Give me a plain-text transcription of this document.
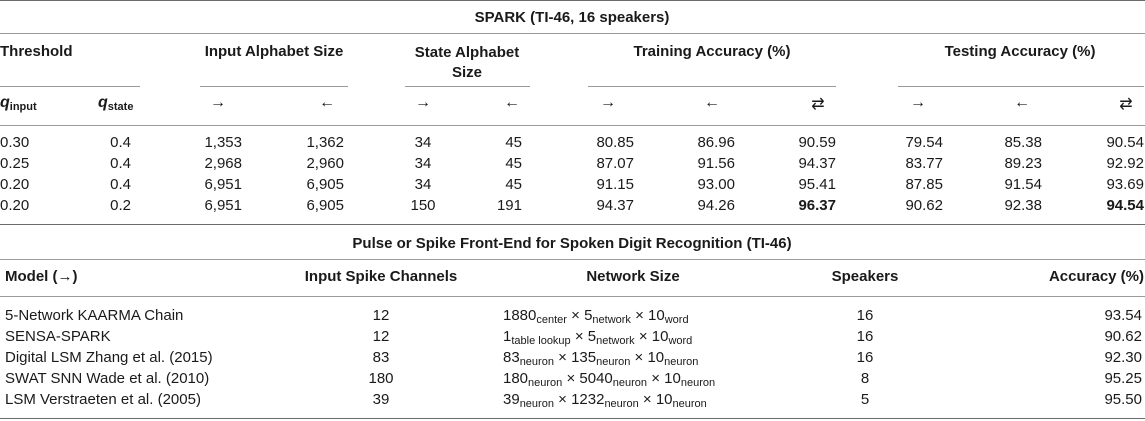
SPARK (TI-46, 16 speakers)
Threshold	Input Alphabet Size	State Alphabet Size
Training Accuracy (%)	Testing Accuracy (%)
$q_{input}$	$q_{state}$	→	←	→	←	→	←	⇄	→	←	⇄
0.30	0.4	1,353	1,362	34	45	80.85	86.96	90.59	79.54	85.38	90.54
0.25	0.4	2,968	2,960	34	45	87.07	91.56	94.37	83.77	89.23	92.92
0.20	0.4	6,951	6,905	34	45	91.15	93.00	95.41	87.85	91.54	93.69
0.20	0.2	6,951	6,905	150	191	94.37	94.26	96.37	90.62	92.38	94.54
Pulse or Spike Front-End for Spoken Digit Recognition (TI-46)
Model (→)	Input Spike Channels	Network Size	Speakers	Accuracy (%)
5-Network KAARMA Chain	12	$1880_{center} \times 5_{network} \times 10_{word}$	16	93.54
SENSA-SPARK	12	$1_{table lookup} \times 5_{network} \times 10_{word}$	16	90.62
Digital LSM Zhang et al. (2015)	83	$83_{neuron} \times 135_{neuron} \times 10_{neuron}$	16	92.30
SWAT SNN Wade et al. (2010)	180	$180_{neuron} \times 5040_{neuron} \times 10_{neuron}$	8	95.25
LSM Verstraeten et al. (2005)	39	$39_{neuron} \times 1232_{neuron} \times 10_{neuron}$	5	95.50
